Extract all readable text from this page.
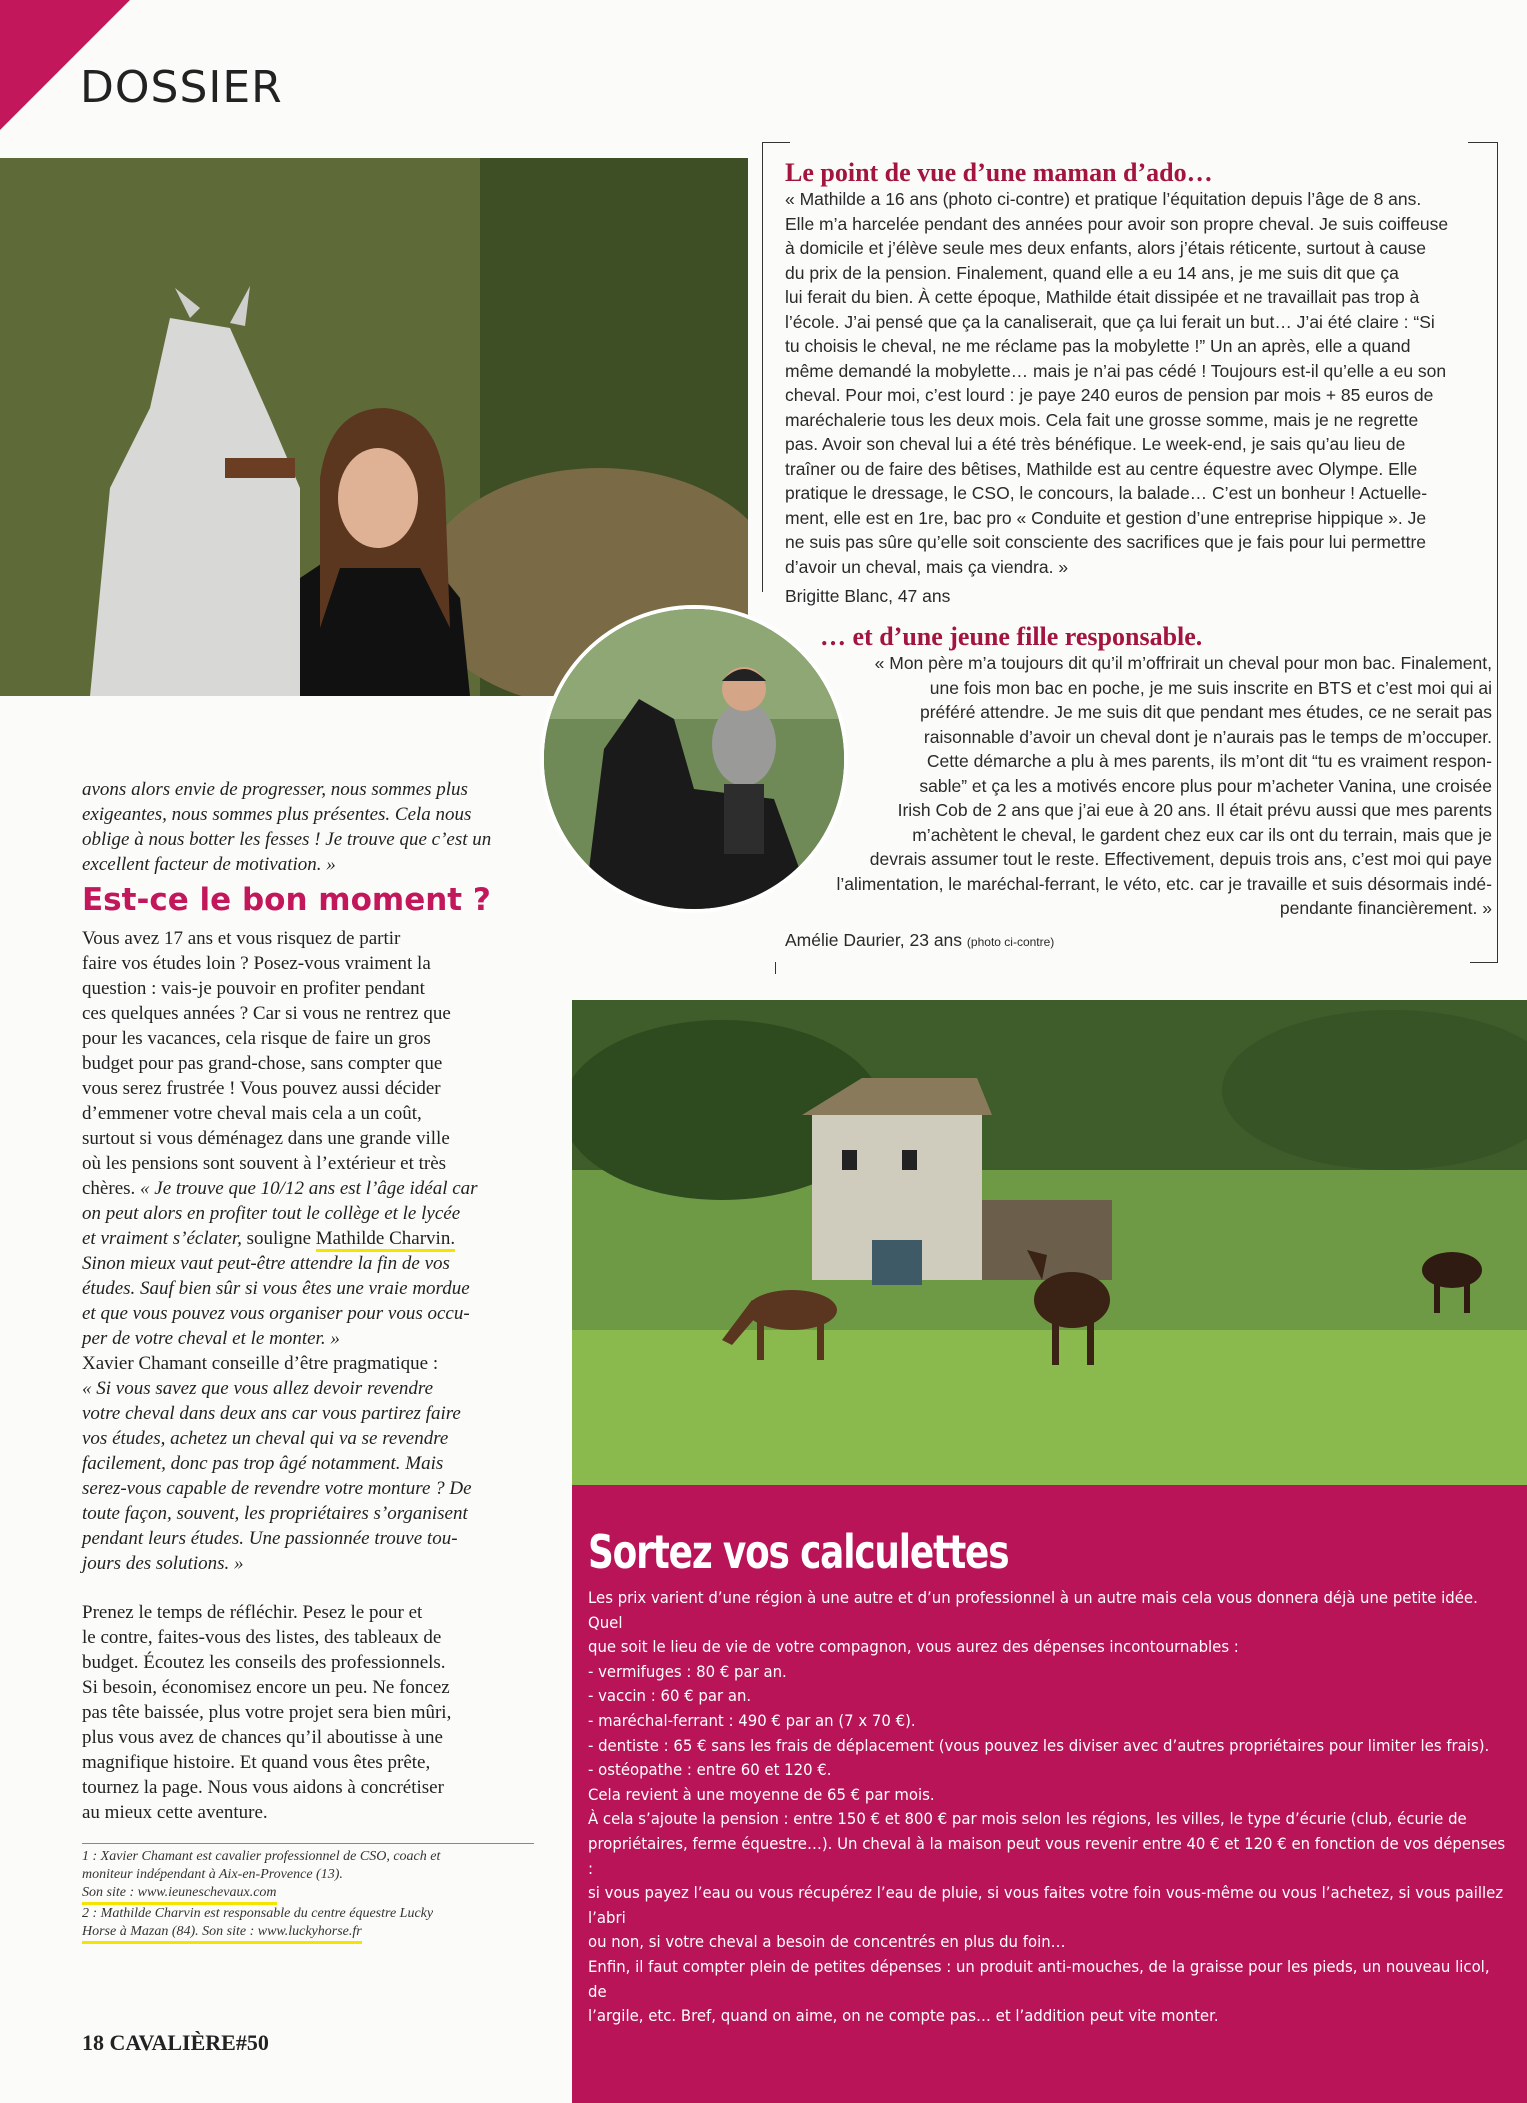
DOSSIER
Le point de vue d’une maman d’ado…
« Mathilde a 16 ans (photo ci-contre) et pratique l’équitation depuis l’âge de 8 ans.
Elle m’a harcelée pendant des années pour avoir son propre cheval. Je suis coiffeuse
à domicile et j’élève seule mes deux enfants, alors j’étais réticente, surtout à cause
du prix de la pension. Finalement, quand elle a eu 14 ans, je me suis dit que ça
lui ferait du bien. À cette époque, Mathilde était dissipée et ne travaillait pas trop à
l’école. J’ai pensé que ça la canaliserait, que ça lui ferait un but… J’ai été claire : “Si
tu choisis le cheval, ne me réclame pas la mobylette !” Un an après, elle a quand
même demandé la mobylette… mais je n’ai pas cédé ! Toujours est-il qu’elle a eu son
cheval. Pour moi, c’est lourd : je paye 240 euros de pension par mois + 85 euros de
maréchalerie tous les deux mois. Cela fait une grosse somme, mais je ne regrette
pas. Avoir son cheval lui a été très bénéfique. Le week-end, je sais qu’au lieu de
traîner ou de faire des bêtises, Mathilde est au centre équestre avec Olympe. Elle
pratique le dressage, le CSO, le concours, la balade… C’est un bonheur ! Actuelle-
ment, elle est en 1re, bac pro « Conduite et gestion d’une entreprise hippique ». Je
ne suis pas sûre qu’elle soit consciente des sacrifices que je fais pour lui permettre
d’avoir un cheval, mais ça viendra. »
Brigitte Blanc, 47 ans
… et d’une jeune fille responsable.
« Mon père m’a toujours dit qu’il m’offrirait un cheval pour mon bac. Finalement,
une fois mon bac en poche, je me suis inscrite en BTS et c’est moi qui ai
préféré attendre. Je me suis dit que pendant mes études, ce ne serait pas
raisonnable d’avoir un cheval dont je n’aurais pas le temps de m’occuper.
Cette démarche a plu à mes parents, ils m’ont dit “tu es vraiment respon-
sable” et ça les a motivés encore plus pour m’acheter Vanina, une croisée
Irish Cob de 2 ans que j’ai eue à 20 ans. Il était prévu aussi que mes parents
m’achètent le cheval, le gardent chez eux car ils ont du terrain, mais que je
devrais assumer tout le reste. Effectivement, depuis trois ans, c’est moi qui paye
l’alimentation, le maréchal-ferrant, le véto, etc. car je travaille et suis désormais indé-
pendante financièrement. »
Amélie Daurier, 23 ans (photo ci-contre)
avons alors envie de progresser, nous sommes plus
exigeantes, nous sommes plus présentes. Cela nous
oblige à nous botter les fesses ! Je trouve que c’est un
excellent facteur de motivation. »
Est-ce le bon moment ?
Vous avez 17 ans et vous risquez de partir
faire vos études loin ? Posez-vous vraiment la
question : vais-je pouvoir en profiter pendant
ces quelques années ? Car si vous ne rentrez que
pour les vacances, cela risque de faire un gros
budget pour pas grand-chose, sans compter que
vous serez frustrée ! Vous pouvez aussi décider
d’emmener votre cheval mais cela a un coût,
surtout si vous déménagez dans une grande ville
où les pensions sont souvent à l’extérieur et très
chères. « Je trouve que 10/12 ans est l’âge idéal car
on peut alors en profiter tout le collège et le lycée
et vraiment s’éclater, souligne Mathilde Charvin.
Sinon mieux vaut peut-être attendre la fin de vos
études. Sauf bien sûr si vous êtes une vraie mordue
et que vous pouvez vous organiser pour vous occu-
per de votre cheval et le monter. »
Xavier Chamant conseille d’être pragmatique :
« Si vous savez que vous allez devoir revendre
votre cheval dans deux ans car vous partirez faire
vos études, achetez un cheval qui va se revendre
facilement, donc pas trop âgé notamment. Mais
serez-vous capable de revendre votre monture ? De
toute façon, souvent, les propriétaires s’organisent
pendant leurs études. Une passionnée trouve tou-
jours des solutions. »
Prenez le temps de réfléchir. Pesez le pour et
le contre, faites-vous des listes, des tableaux de
budget. Écoutez les conseils des professionnels.
Si besoin, économisez encore un peu. Ne foncez
pas tête baissée, plus votre projet sera bien mûri,
plus vous avez de chances qu’il aboutisse à une
magnifique histoire. Et quand vous êtes prête,
tournez la page. Nous vous aidons à concrétiser
au mieux cette aventure.
1 : Xavier Chamant est cavalier professionnel de CSO, coach et
moniteur indépendant à Aix-en-Provence (13).
Son site : www.ieuneschevaux.com
2 : Mathilde Charvin est responsable du centre équestre Lucky
Horse à Mazan (84). Son site : www.luckyhorse.fr
18 CAVALIÈRE#50
Sortez vos calculettes

Les prix varient d’une région à une autre et d’un professionnel à un autre mais cela vous donnera déjà une petite idée. Quel

que soit le lieu de vie de votre compagnon, vous aurez des dépenses incontournables :

- vermifuges : 80 € par an.

- vaccin : 60 € par an.

- maréchal-ferrant : 490 € par an (7 x 70 €).

- dentiste : 65 € sans les frais de déplacement (vous pouvez les diviser avec d’autres propriétaires pour limiter les frais).

- ostéopathe : entre 60 et 120 €.

Cela revient à une moyenne de 65 € par mois.

À cela s’ajoute la pension : entre 150 € et 800 € par mois selon les régions, les villes, le type d’écurie (club, écurie de

propriétaires, ferme équestre…). Un cheval à la maison peut vous revenir entre 40 € et 120 € en fonction de vos dépenses :

si vous payez l’eau ou vous récupérez l’eau de pluie, si vous faites votre foin vous-même ou vous l’achetez, si vous paillez l’abri

ou non, si votre cheval a besoin de concentrés en plus du foin…

Enfin, il faut compter plein de petites dépenses : un produit anti-mouches, de la graisse pour les pieds, un nouveau licol, de

l’argile, etc. Bref, quand on aime, on ne compte pas… et l’addition peut vite monter.
